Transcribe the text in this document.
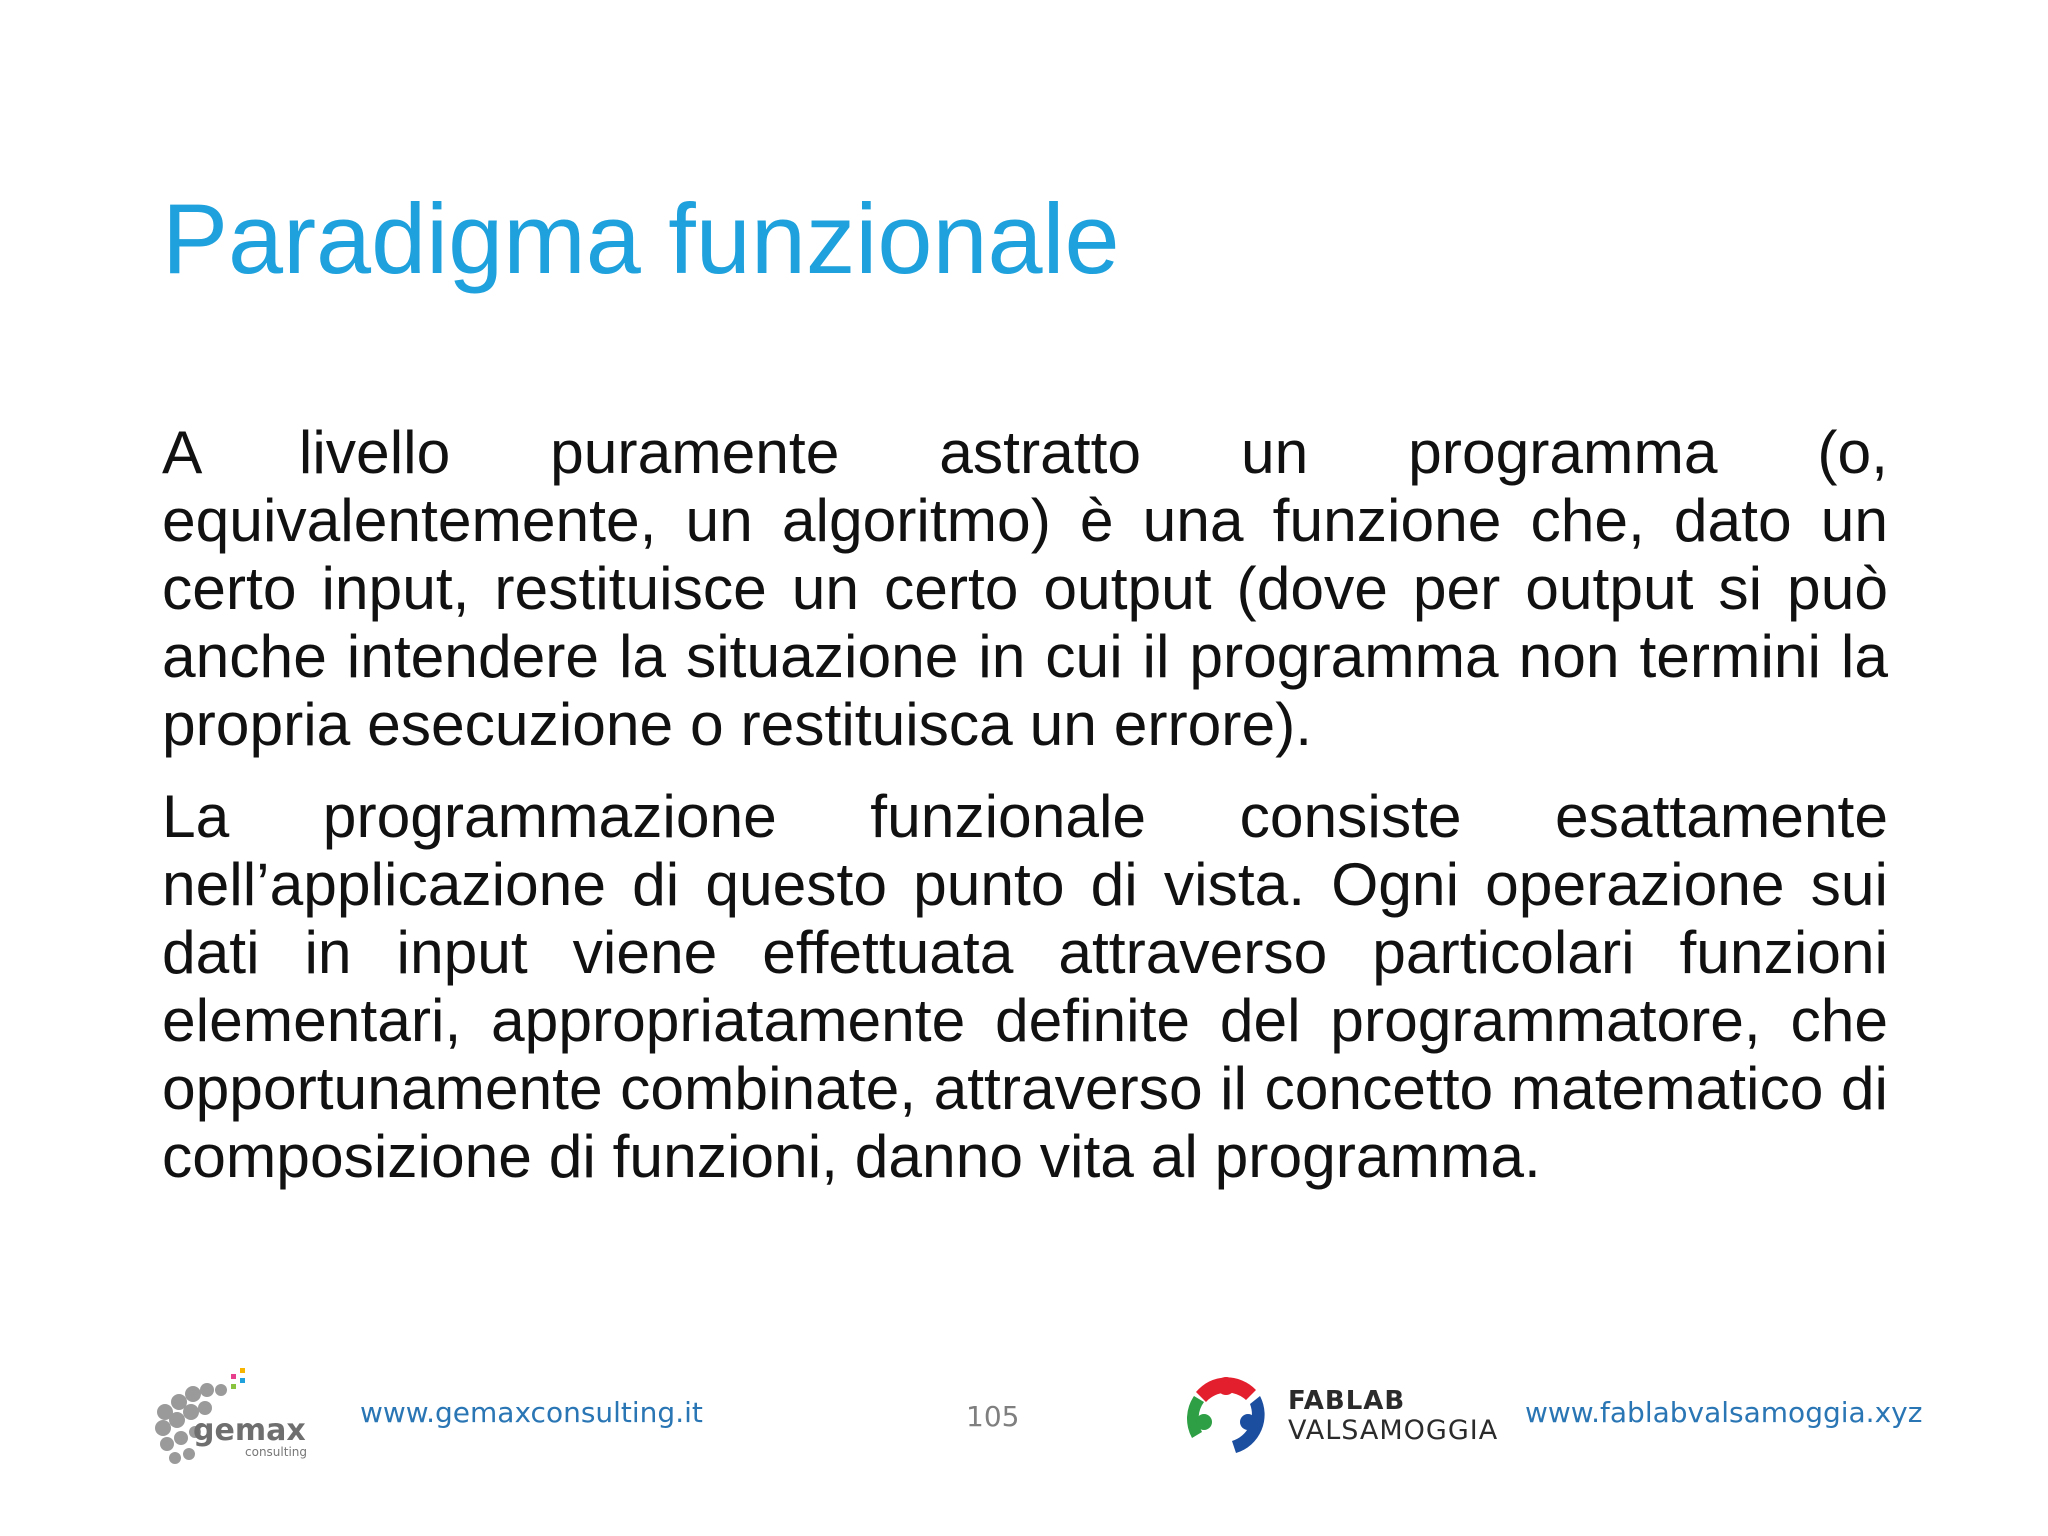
Paradigma funzionale

A livello puramente astratto un programma (o, equivalentemente, un algoritmo) è una funzione che, dato un certo input, restituisce un certo output (dove per output si può anche intendere la situazione in cui il programma non termini la propria esecuzione o restituisca un errore).

La programmazione funzionale consiste esattamente nell’applicazione di questo punto di vista. Ogni operazione sui dati in input viene effettuata attraverso particolari funzioni elementari, appropriatamente definite del programmatore, che opportunamente combinate, attraverso il concetto matematico di composizione di funzioni, danno vita al programma.

gemax
consulting
www.gemaxconsulting.it	105	FABLAB
VALSAMOGGIA
www.fablabvalsamoggia.xyz
